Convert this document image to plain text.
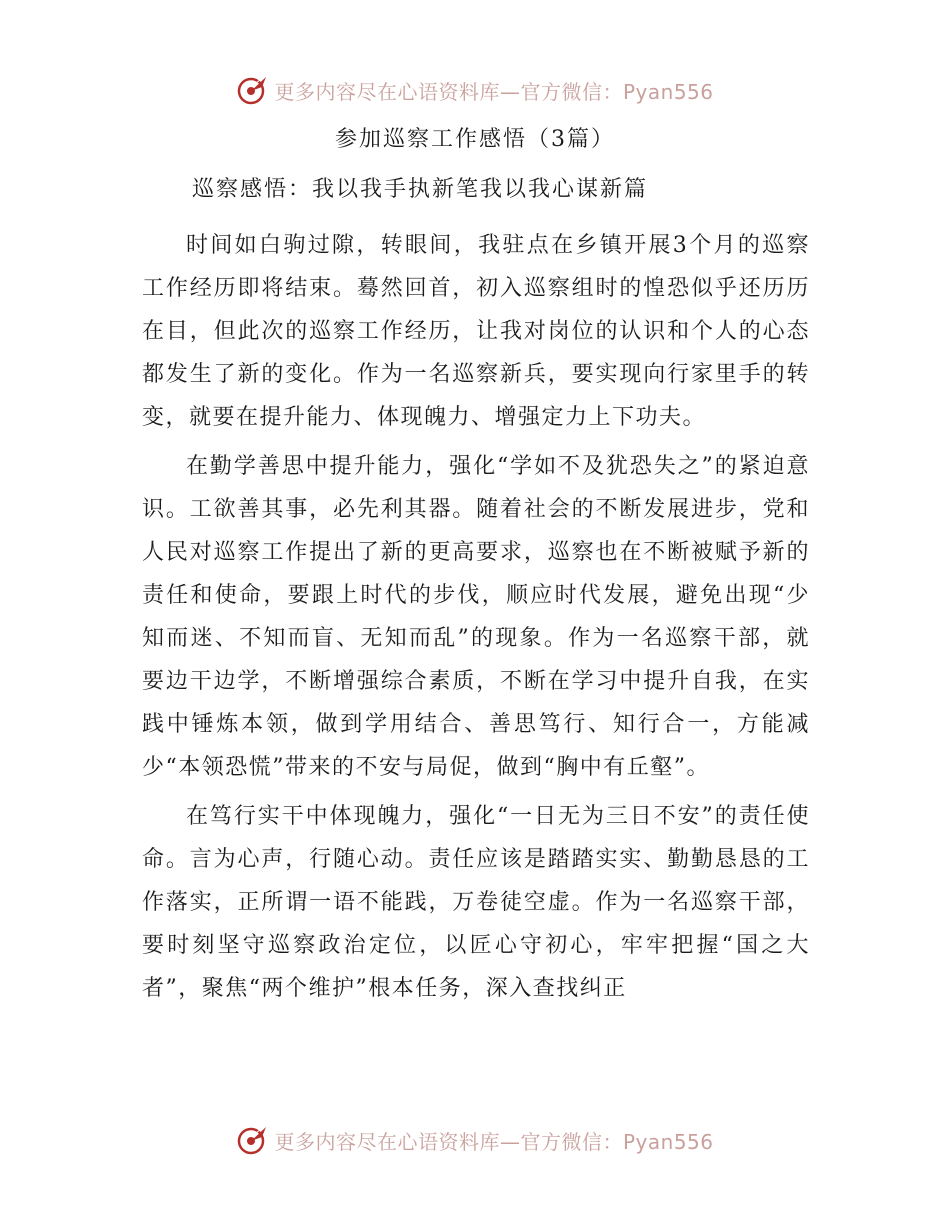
更多内容尽在心语资料库—官方微信：Pyan556
参加巡察工作感悟（3篇）
巡察感悟：我以我手执新笔我以我心谋新篇

时间如白驹过隙，转眼间，我驻点在乡镇开展3个月的巡察工作经历即将结束。蓦然回首，初入巡察组时的惶恐似乎还历历在目，但此次的巡察工作经历，让我对岗位的认识和个人的心态都发生了新的变化。作为一名巡察新兵，要实现向行家里手的转变，就要在提升能力、体现魄力、增强定力上下功夫。

在勤学善思中提升能力，强化“学如不及犹恐失之”的紧迫意识。工欲善其事，必先利其器。随着社会的不断发展进步，党和人民对巡察工作提出了新的更高要求，巡察也在不断被赋予新的责任和使命，要跟上时代的步伐，顺应时代发展，避免出现“少知而迷、不知而盲、无知而乱”的现象。作为一名巡察干部，就要边干边学，不断增强综合素质，不断在学习中提升自我，在实践中锤炼本领，做到学用结合、善思笃行、知行合一，方能减少“本领恐慌”带来的不安与局促，做到“胸中有丘壑”。

在笃行实干中体现魄力，强化“一日无为三日不安”的责任使命。言为心声，行随心动。责任应该是踏踏实实、勤勤恳恳的工作落实，正所谓一语不能践，万卷徒空虚。作为一名巡察干部，要时刻坚守巡察政治定位，以匠心守初心，牢牢把握“国之大者”，聚焦“两个维护”根本任务，深入查找纠正

更多内容尽在心语资料库—官方微信：Pyan556
